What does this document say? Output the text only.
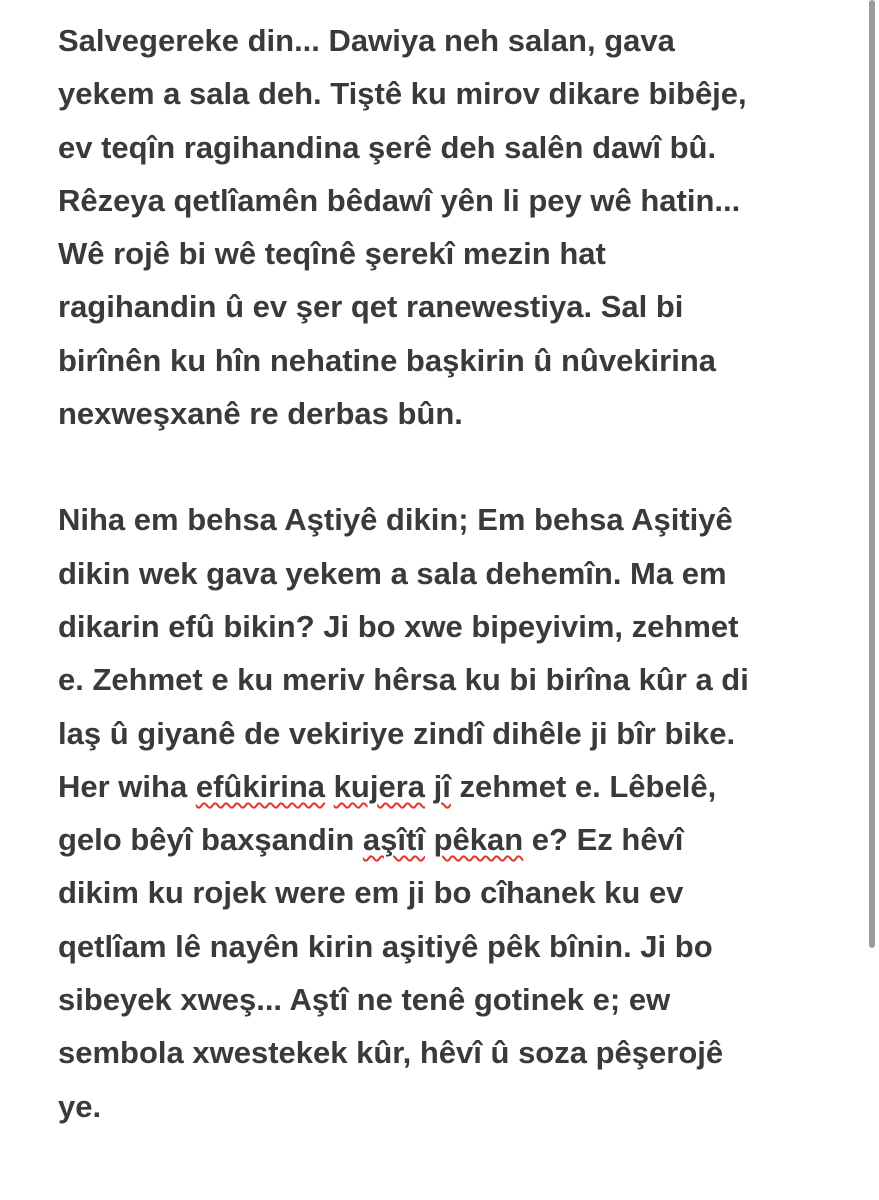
Salvegereke din... Dawiya neh salan, gava
yekem a sala deh. Tiştê ku mirov dikare bibêje,
ev teqîn ragihandina şerê deh salên dawî bû.
Rêzeya qetlîamên bêdawî yên li pey wê hatin...
Wê rojê bi wê teqînê şerekî mezin hat
ragihandin û ev şer qet ranewestiya. Sal bi
birînên ku hîn nehatine başkirin û nûvekirina
nexweşxanê re derbas bûn.

Niha em behsa Aştiyê dikin; Em behsa Aşitiyê
dikin wek gava yekem a sala dehemîn. Ma em
dikarin efû bikin? Ji bo xwe bipeyivim, zehmet
e. Zehmet e ku meriv hêrsa ku bi birîna kûr a di
laş û giyanê de vekiriye zindî dihêle ji bîr bike.
Her wiha efûkirina kujera jî zehmet e. Lêbelê,
gelo bêyî baxşandin aşîtî pêkan e? Ez hêvî
dikim ku rojek were em ji bo cîhanek ku ev
qetlîam lê nayên kirin aşitiyê pêk bînin. Ji bo
sibeyek xweş... Aştî ne tenê gotinek e; ew
sembola xwestekek kûr, hêvî û soza pêşerojê
ye.
